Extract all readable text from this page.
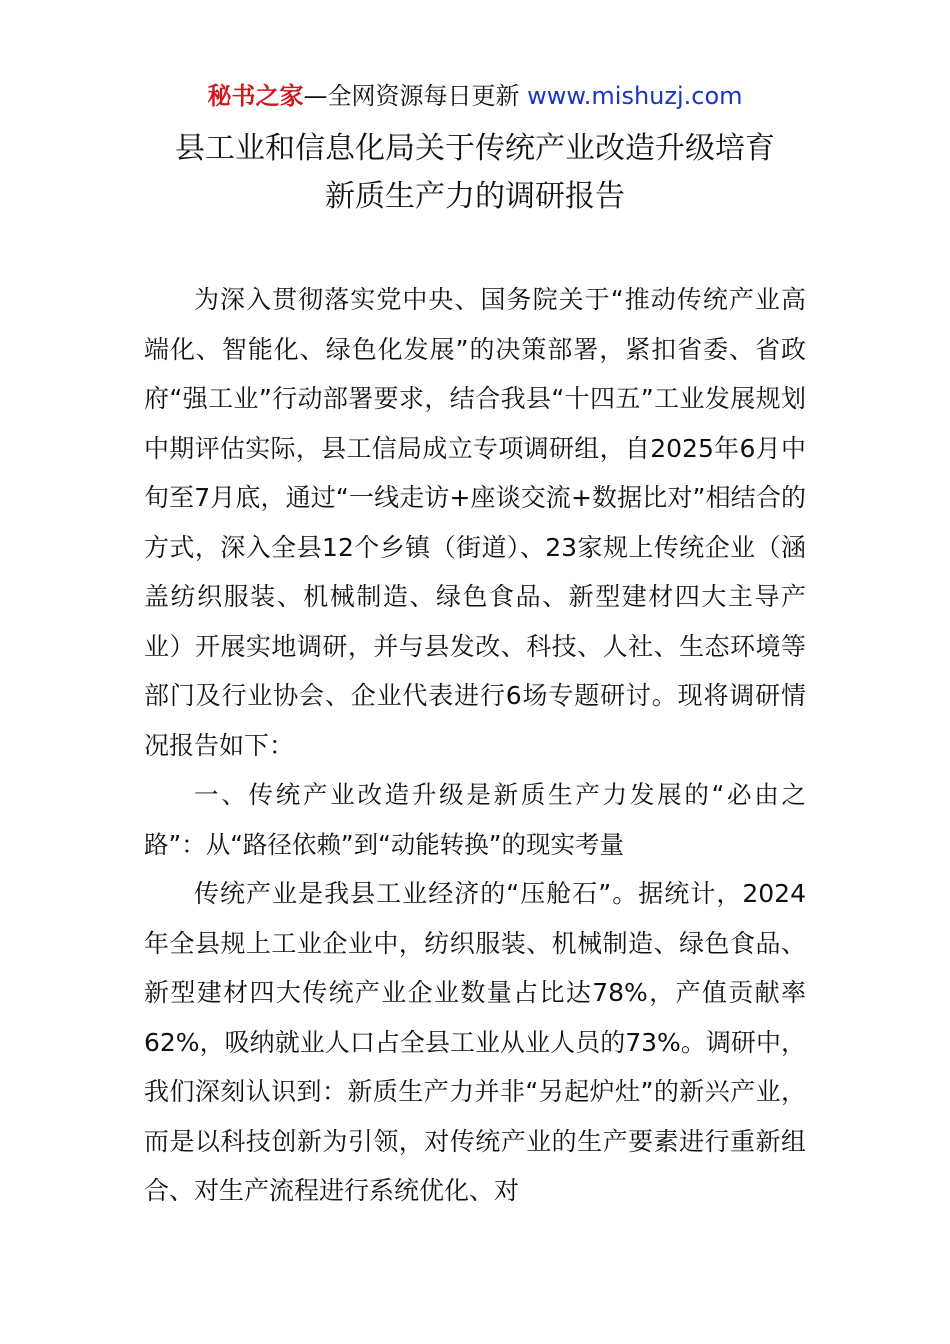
秘书之家—全网资源每日更新 www.mishuzj.com
县工业和信息化局关于传统产业改造升级培育
新质生产力的调研报告

为深入贯彻落实党中央、国务院关于“推动传统产业高端化、智能化、绿色化发展”的决策部署，紧扣省委、省政府“强工业”行动部署要求，结合我县“十四五”工业发展规划中期评估实际，县工信局成立专项调研组，自2025年6月中旬至7月底，通过“一线走访+座谈交流+数据比对”相结合的方式，深入全县12个乡镇（街道）、23家规上传统企业（涵盖纺织服装、机械制造、绿色食品、新型建材四大主导产业）开展实地调研，并与县发改、科技、人社、生态环境等部门及行业协会、企业代表进行6场专题研讨。现将调研情况报告如下：

一、传统产业改造升级是新质生产力发展的“必由之路”：从“路径依赖”到“动能转换”的现实考量

传统产业是我县工业经济的“压舱石”。据统计，2024年全县规上工业企业中，纺织服装、机械制造、绿色食品、新型建材四大传统产业企业数量占比达78%，产值贡献率62%，吸纳就业人口占全县工业从业人员的73%。调研中，我们深刻认识到：新质生产力并非“另起炉灶”的新兴产业，而是以科技创新为引领，对传统产业的生产要素进行重新组合、对生产流程进行系统优化、对
